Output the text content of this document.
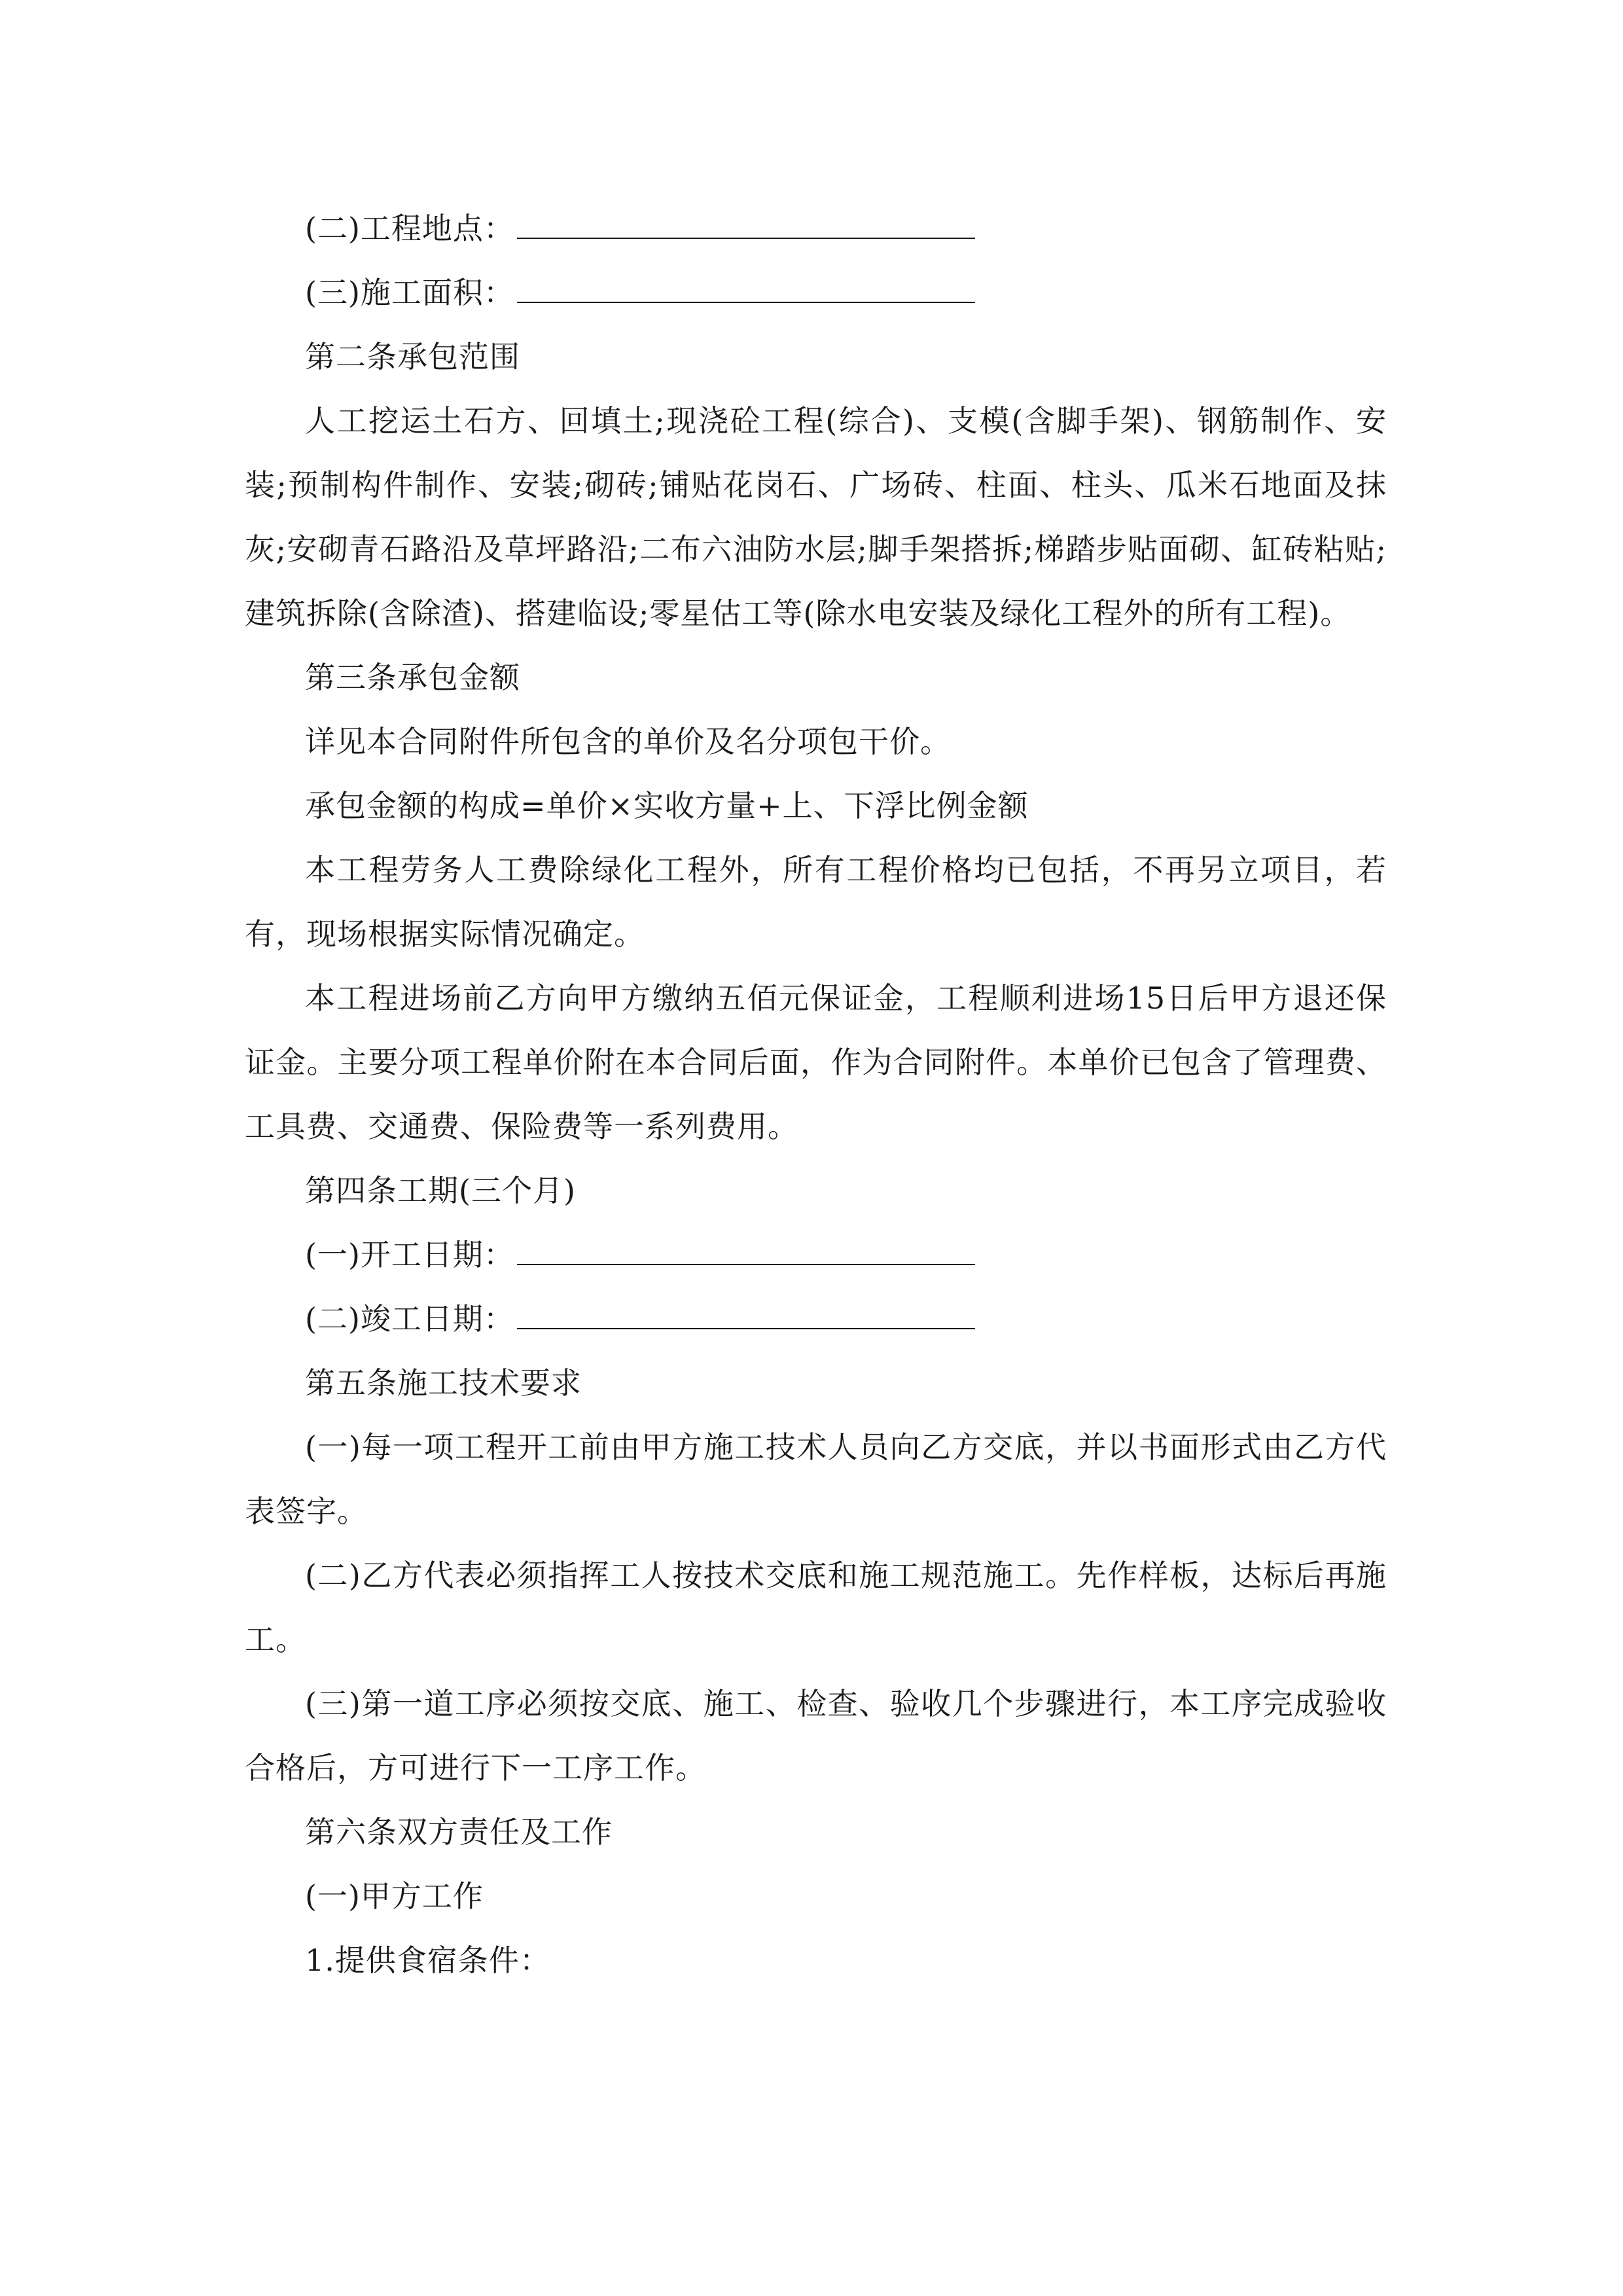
(二)工程地点：

(三)施工面积：

第二条承包范围

人工挖运土石方、回填土;现浇砼工程(综合)、支模(含脚手架)、钢筋制作、安装;预制构件制作、安装;砌砖;铺贴花岗石、广场砖、柱面、柱头、瓜米石地面及抹灰;安砌青石路沿及草坪路沿;二布六油防水层;脚手架搭拆;梯踏步贴面砌、缸砖粘贴;建筑拆除(含除渣)、搭建临设;零星估工等(除水电安装及绿化工程外的所有工程)。

第三条承包金额

详见本合同附件所包含的单价及名分项包干价。

承包金额的构成=单价×实收方量+上、下浮比例金额

本工程劳务人工费除绿化工程外，所有工程价格均已包括，不再另立项目，若有，现场根据实际情况确定。

本工程进场前乙方向甲方缴纳五佰元保证金，工程顺利进场15日后甲方退还保证金。主要分项工程单价附在本合同后面，作为合同附件。本单价已包含了管理费、工具费、交通费、保险费等一系列费用。

第四条工期(三个月)

(一)开工日期：

(二)竣工日期：

第五条施工技术要求

(一)每一项工程开工前由甲方施工技术人员向乙方交底，并以书面形式由乙方代表签字。

(二)乙方代表必须指挥工人按技术交底和施工规范施工。先作样板，达标后再施工。

(三)第一道工序必须按交底、施工、检查、验收几个步骤进行，本工序完成验收合格后，方可进行下一工序工作。

第六条双方责任及工作

(一)甲方工作

1.提供食宿条件：
